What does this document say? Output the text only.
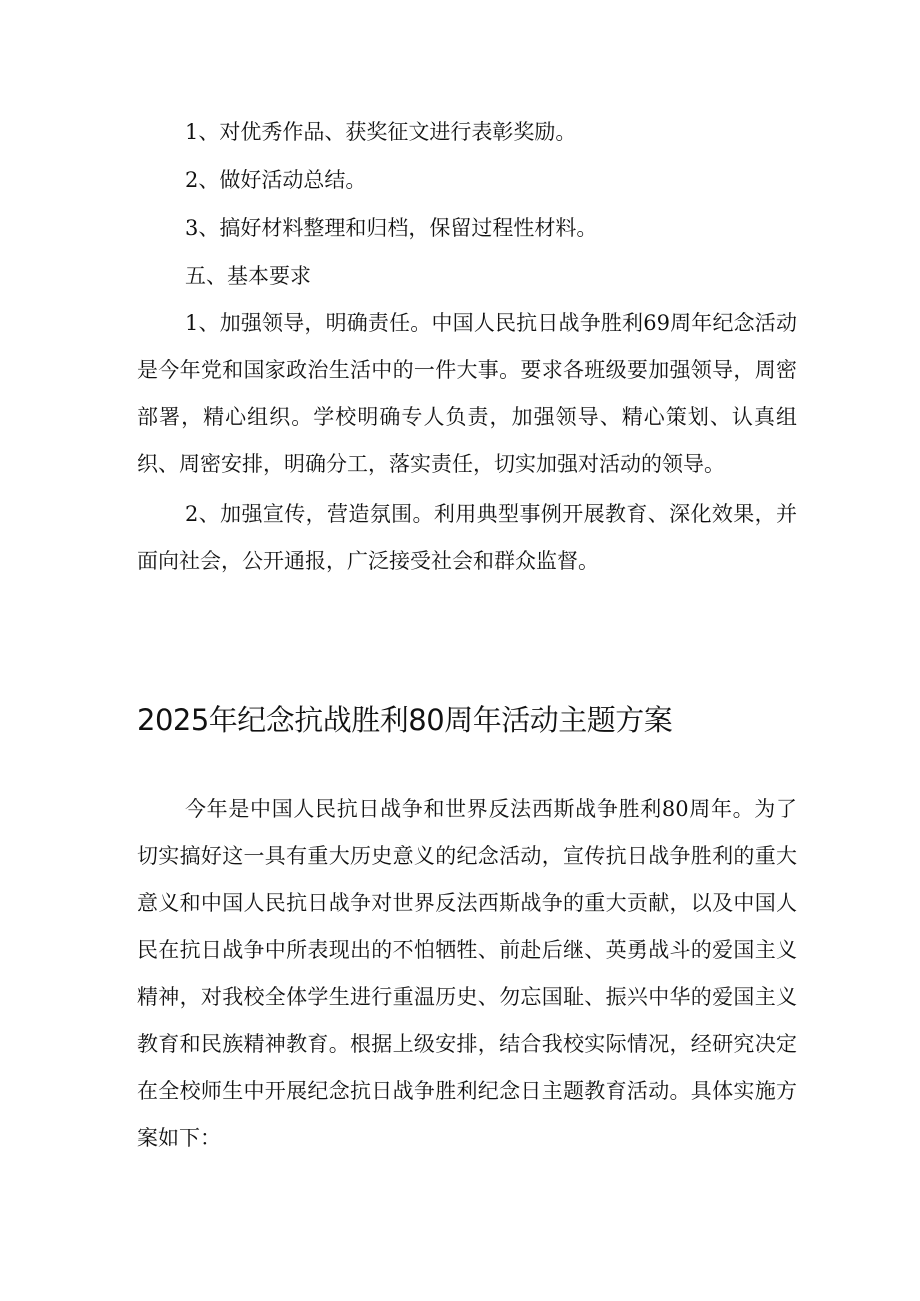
1、对优秀作品、获奖征文进行表彰奖励。

2、做好活动总结。

3、搞好材料整理和归档，保留过程性材料。

五、基本要求

1、加强领导，明确责任。中国人民抗日战争胜利69周年纪念活动是今年党和国家政治生活中的一件大事。要求各班级要加强领导，周密部署，精心组织。学校明确专人负责，加强领导、精心策划、认真组织、周密安排，明确分工，落实责任，切实加强对活动的领导。

2、加强宣传，营造氛围。利用典型事例开展教育、深化效果，并面向社会，公开通报，广泛接受社会和群众监督。

2025年纪念抗战胜利80周年活动主题方案

今年是中国人民抗日战争和世界反法西斯战争胜利80周年。为了切实搞好这一具有重大历史意义的纪念活动，宣传抗日战争胜利的重大意义和中国人民抗日战争对世界反法西斯战争的重大贡献，以及中国人民在抗日战争中所表现出的不怕牺牲、前赴后继、英勇战斗的爱国主义精神，对我校全体学生进行重温历史、勿忘国耻、振兴中华的爱国主义教育和民族精神教育。根据上级安排，结合我校实际情况，经研究决定在全校师生中开展纪念抗日战争胜利纪念日主题教育活动。具体实施方案如下：
